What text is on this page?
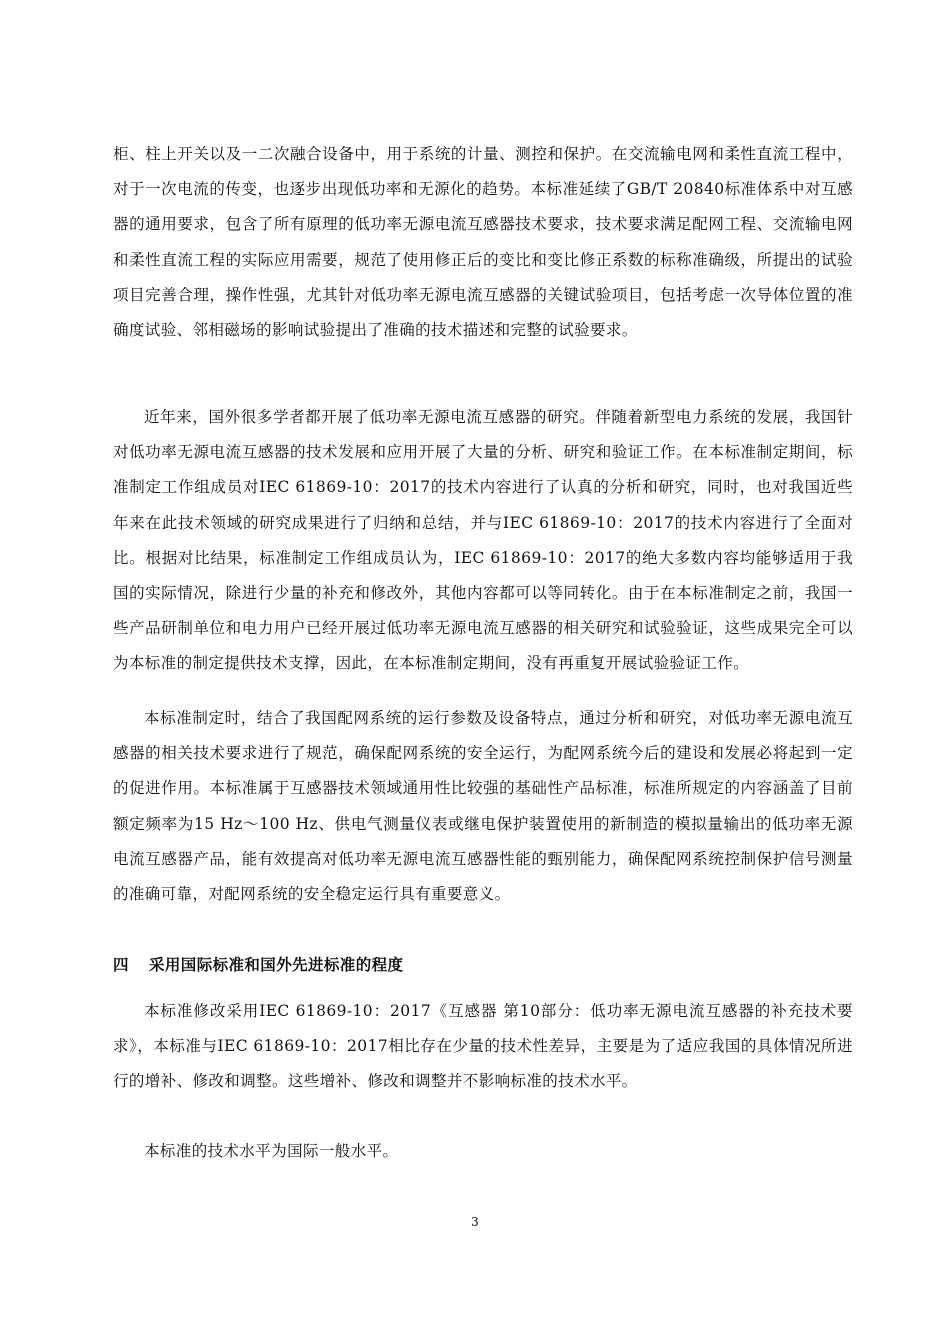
柜、柱上开关以及一二次融合设备中，用于系统的计量、测控和保护。在交流输电网和柔性直流工程中，对于一次电流的传变，也逐步出现低功率和无源化的趋势。本标准延续了GB/T 20840标准体系中对互感器的通用要求，包含了所有原理的低功率无源电流互感器技术要求，技术要求满足配网工程、交流输电网和柔性直流工程的实际应用需要，规范了使用修正后的变比和变比修正系数的标称准确级，所提出的试验项目完善合理，操作性强，尤其针对低功率无源电流互感器的关键试验项目，包括考虑一次导体位置的准确度试验、邻相磁场的影响试验提出了准确的技术描述和完整的试验要求。

近年来，国外很多学者都开展了低功率无源电流互感器的研究。伴随着新型电力系统的发展，我国针对低功率无源电流互感器的技术发展和应用开展了大量的分析、研究和验证工作。在本标准制定期间，标准制定工作组成员对IEC 61869-10：2017的技术内容进行了认真的分析和研究，同时，也对我国近些年来在此技术领域的研究成果进行了归纳和总结，并与IEC 61869-10：2017的技术内容进行了全面对比。根据对比结果，标准制定工作组成员认为，IEC 61869-10：2017的绝大多数内容均能够适用于我国的实际情况，除进行少量的补充和修改外，其他内容都可以等同转化。由于在本标准制定之前，我国一些产品研制单位和电力用户已经开展过低功率无源电流互感器的相关研究和试验验证，这些成果完全可以为本标准的制定提供技术支撑，因此，在本标准制定期间，没有再重复开展试验验证工作。

本标准制定时，结合了我国配网系统的运行参数及设备特点，通过分析和研究，对低功率无源电流互感器的相关技术要求进行了规范，确保配网系统的安全运行，为配网系统今后的建设和发展必将起到一定的促进作用。本标准属于互感器技术领域通用性比较强的基础性产品标准，标准所规定的内容涵盖了目前额定频率为15 Hz～100 Hz、供电气测量仪表或继电保护装置使用的新制造的模拟量输出的低功率无源电流互感器产品，能有效提高对低功率无源电流互感器性能的甄别能力，确保配网系统控制保护信号测量的准确可靠，对配网系统的安全稳定运行具有重要意义。

四 采用国际标准和国外先进标准的程度

本标准修改采用IEC 61869-10：2017《互感器 第10部分：低功率无源电流互感器的补充技术要求》，本标准与IEC 61869-10：2017相比存在少量的技术性差异，主要是为了适应我国的具体情况所进行的增补、修改和调整。这些增补、修改和调整并不影响标准的技术水平。

本标准的技术水平为国际一般水平。

3
